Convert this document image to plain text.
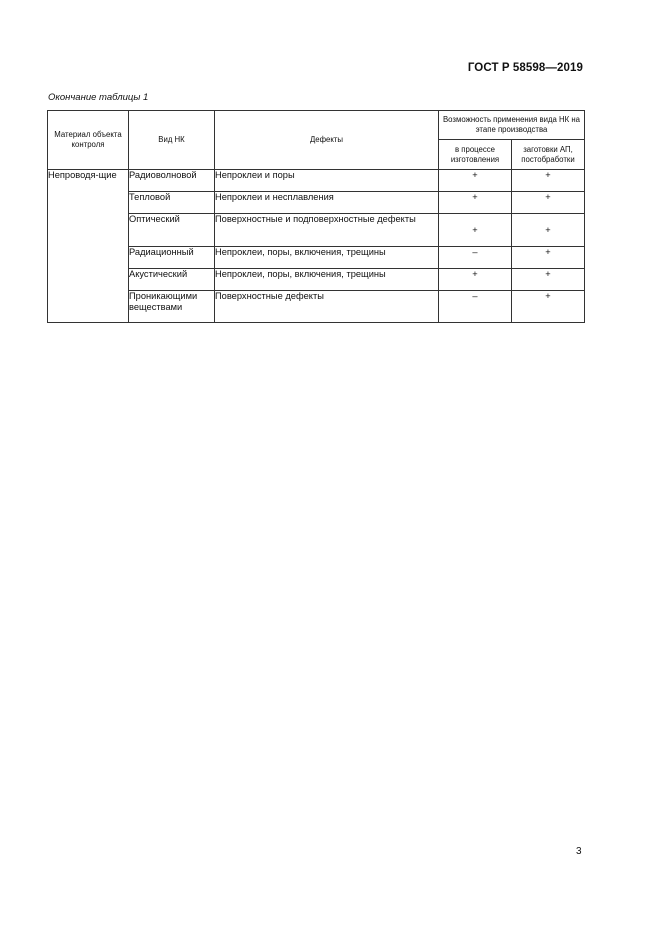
ГОСТ Р 58598—2019
Окончание таблицы 1
Материал объекта контроля	Вид НК	Дефекты	Возможность применения вида НК на этапе производства	
			в процессе изготовления	заготовки АП, постобработки
Непроводя-щие	Радиоволновой	Непроклеи и поры	+	+
	Тепловой	Непроклеи и несплавления	+	+
	Оптический	Поверхностные и подповерхностные дефекты	+	+
	Радиационный	Непроклеи, поры, включения, трещины	–	+
	Акустический	Непроклеи, поры, включения, трещины	+	+
	Проникающими веществами	Поверхностные дефекты	–	+
3
